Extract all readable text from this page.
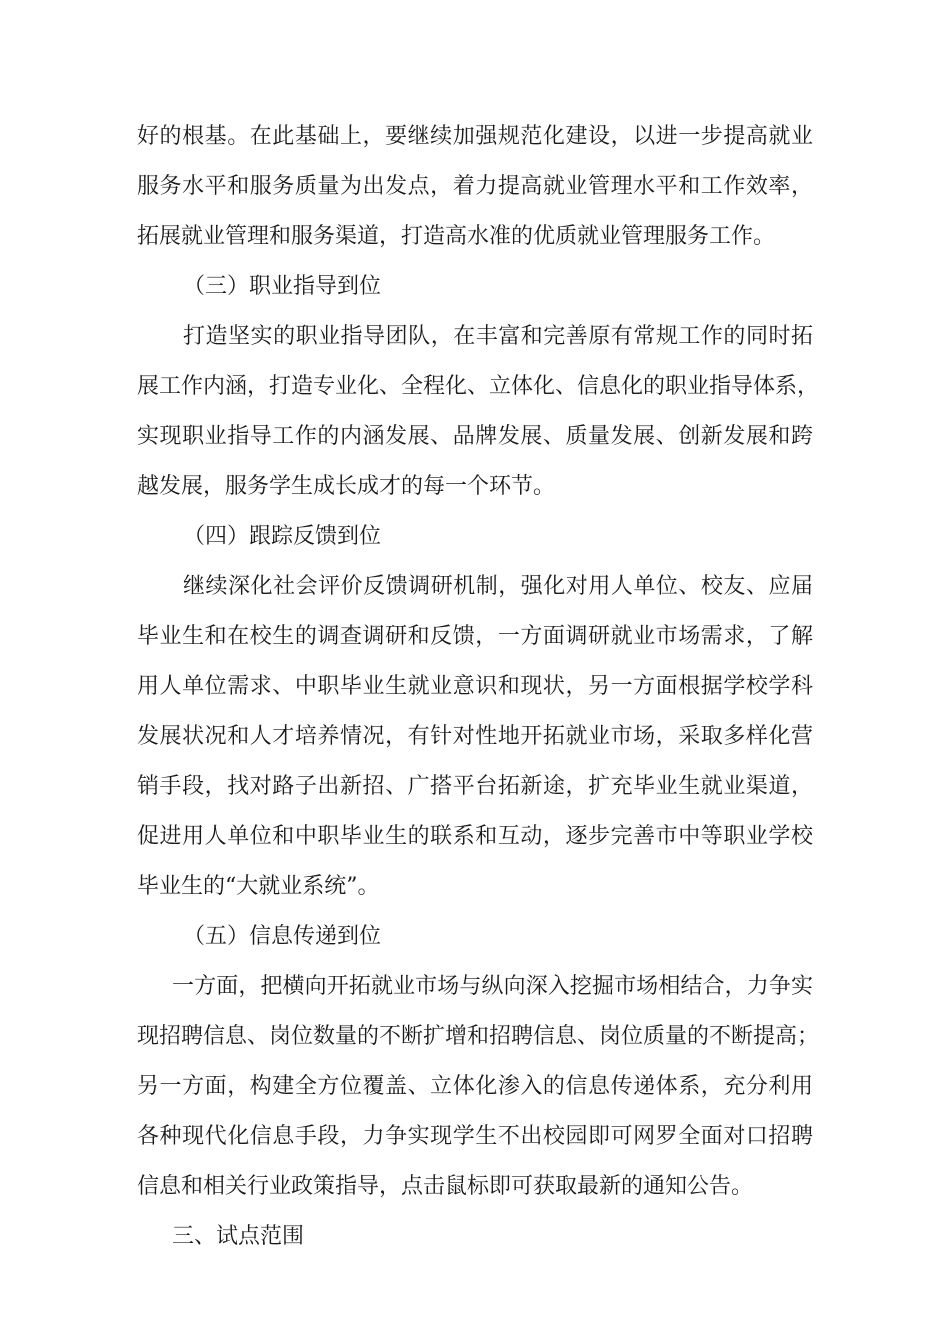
好的根基。在此基础上，要继续加强规范化建设，以进一步提高就业
服务水平和服务质量为出发点，着力提高就业管理水平和工作效率，
拓展就业管理和服务渠道，打造高水准的优质就业管理服务工作。
（三）职业指导到位
打造坚实的职业指导团队，在丰富和完善原有常规工作的同时拓
展工作内涵，打造专业化、全程化、立体化、信息化的职业指导体系，
实现职业指导工作的内涵发展、品牌发展、质量发展、创新发展和跨
越发展，服务学生成长成才的每一个环节。
（四）跟踪反馈到位
继续深化社会评价反馈调研机制，强化对用人单位、校友、应届
毕业生和在校生的调查调研和反馈，一方面调研就业市场需求，了解
用人单位需求、中职毕业生就业意识和现状，另一方面根据学校学科
发展状况和人才培养情况，有针对性地开拓就业市场，采取多样化营
销手段，找对路子出新招、广搭平台拓新途，扩充毕业生就业渠道，
促进用人单位和中职毕业生的联系和互动，逐步完善市中等职业学校
毕业生的“大就业系统”。
（五）信息传递到位
一方面，把横向开拓就业市场与纵向深入挖掘市场相结合，力争实
现招聘信息、岗位数量的不断扩增和招聘信息、岗位质量的不断提高；
另一方面，构建全方位覆盖、立体化渗入的信息传递体系，充分利用
各种现代化信息手段，力争实现学生不出校园即可网罗全面对口招聘
信息和相关行业政策指导，点击鼠标即可获取最新的通知公告。
三、试点范围
